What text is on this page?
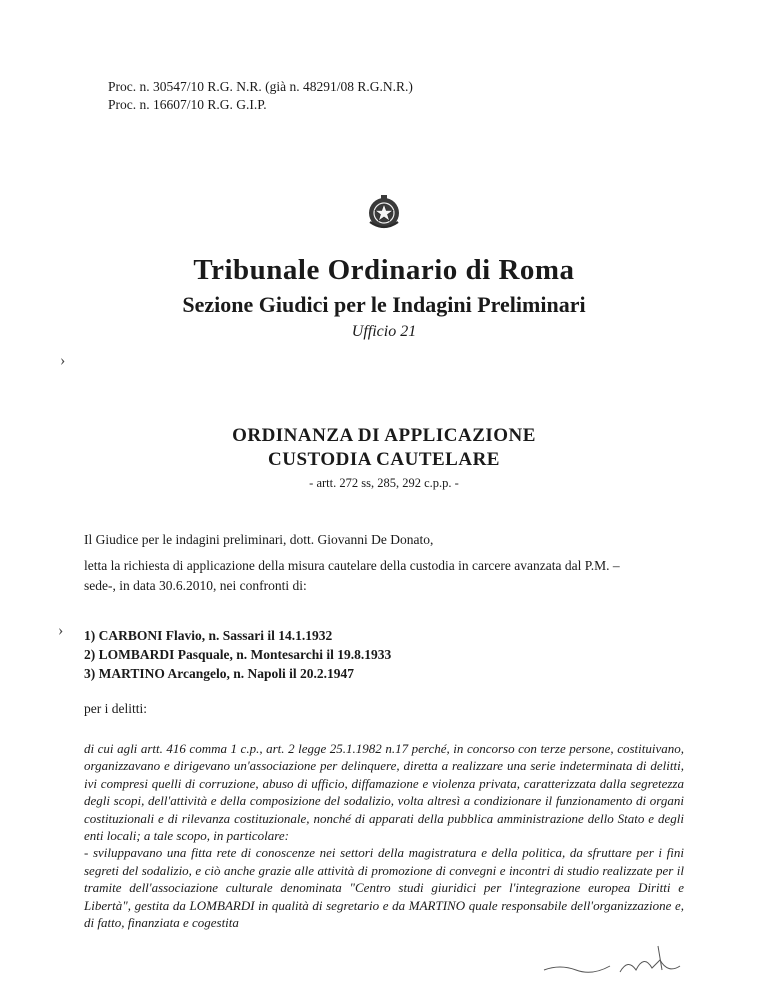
Proc. n. 30547/10 R.G. N.R. (già n. 48291/08 R.G.N.R.)
Proc. n. 16607/10 R.G. G.I.P.
Tribunale Ordinario di Roma
Sezione Giudici per le Indagini Preliminari
Ufficio 21
›
ORDINANZA DI APPLICAZIONE
CUSTODIA CAUTELARE
- artt. 272 ss, 285, 292 c.p.p. -
Il Giudice per le indagini preliminari, dott. Giovanni De Donato,
letta la richiesta di applicazione della misura cautelare della custodia in carcere avanzata dal P.M. –
sede-, in data 30.6.2010, nei confronti di:
› 1) CARBONI Flavio, n. Sassari il 14.1.1932
2) LOMBARDI Pasquale, n. Montesarchi il 19.8.1933
3) MARTINO Arcangelo, n. Napoli il 20.2.1947
per i delitti:

di cui agli artt. 416 comma 1 c.p., art. 2 legge 25.1.1982 n.17 perché, in concorso con terze persone, costituivano, organizzavano e dirigevano un'associazione per delinquere, diretta a realizzare una serie indeterminata di delitti, ivi compresi quelli di corruzione, abuso di ufficio, diffamazione e violenza privata, caratterizzata dalla segretezza degli scopi, dell'attività e della composizione del sodalizio, volta altresì a condizionare il funzionamento di organi costituzionali e di rilevanza costituzionale, nonché di apparati della pubblica amministrazione dello Stato e degli enti locali; a tale scopo, in particolare:

- sviluppavano una fitta rete di conoscenze nei settori della magistratura e della politica, da sfruttare per i fini segreti del sodalizio, e ciò anche grazie alle attività di promozione di convegni e incontri di studio realizzate per il tramite dell'associazione culturale denominata "Centro studi giuridici per l'integrazione europea Diritti e Libertà", gestita da LOMBARDI in qualità di segretario e da MARTINO quale responsabile dell'organizzazione e, di fatto, finanziata e cogestita
